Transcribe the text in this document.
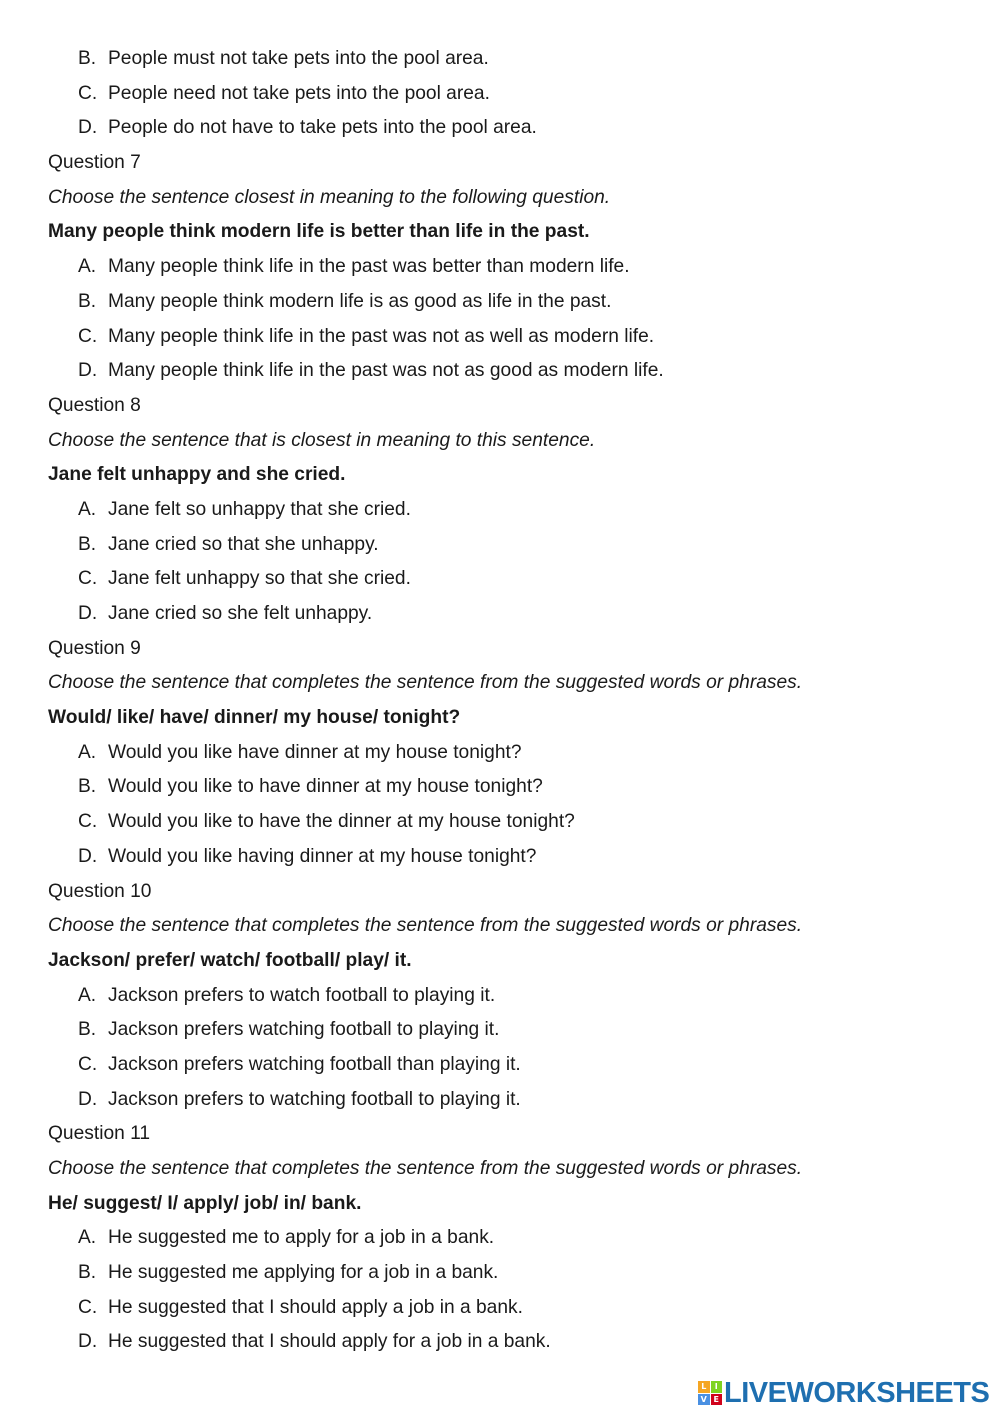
B. People must not take pets into the pool area.
C. People need not take pets into the pool area.
D. People do not have to take pets into the pool area.
Question 7
Choose the sentence closest in meaning to the following question.
Many people think modern life is better than life in the past.
A. Many people think life in the past was better than modern life.
B. Many people think modern life is as good as life in the past.
C. Many people think life in the past was not as well as modern life.
D. Many people think life in the past was not as good as modern life.
Question 8
Choose the sentence that is closest in meaning to this sentence.
Jane felt unhappy and she cried.
A. Jane felt so unhappy that she cried.
B. Jane cried so that she unhappy.
C. Jane felt unhappy so that she cried.
D. Jane cried so she felt unhappy.
Question 9
Choose the sentence that completes the sentence from the suggested words or phrases.
Would/ like/ have/ dinner/ my house/ tonight?
A. Would you like have dinner at my house tonight?
B. Would you like to have dinner at my house tonight?
C. Would you like to have the dinner at my house tonight?
D. Would you like having dinner at my house tonight?
Question 10
Choose the sentence that completes the sentence from the suggested words or phrases.
Jackson/ prefer/ watch/ football/ play/ it.
A. Jackson prefers to watch football to playing it.
B. Jackson prefers watching football to playing it.
C. Jackson prefers watching football than playing it.
D. Jackson prefers to watching football to playing it.
Question 11
Choose the sentence that completes the sentence from the suggested words or phrases.
He/ suggest/ I/ apply/ job/ in/ bank.
A. He suggested me to apply for a job in a bank.
B. He suggested me applying for a job in a bank.
C. He suggested that I should apply a job in a bank.
D. He suggested that I should apply for a job in a bank.
L	I
V E LIVEWORKSHEETS
